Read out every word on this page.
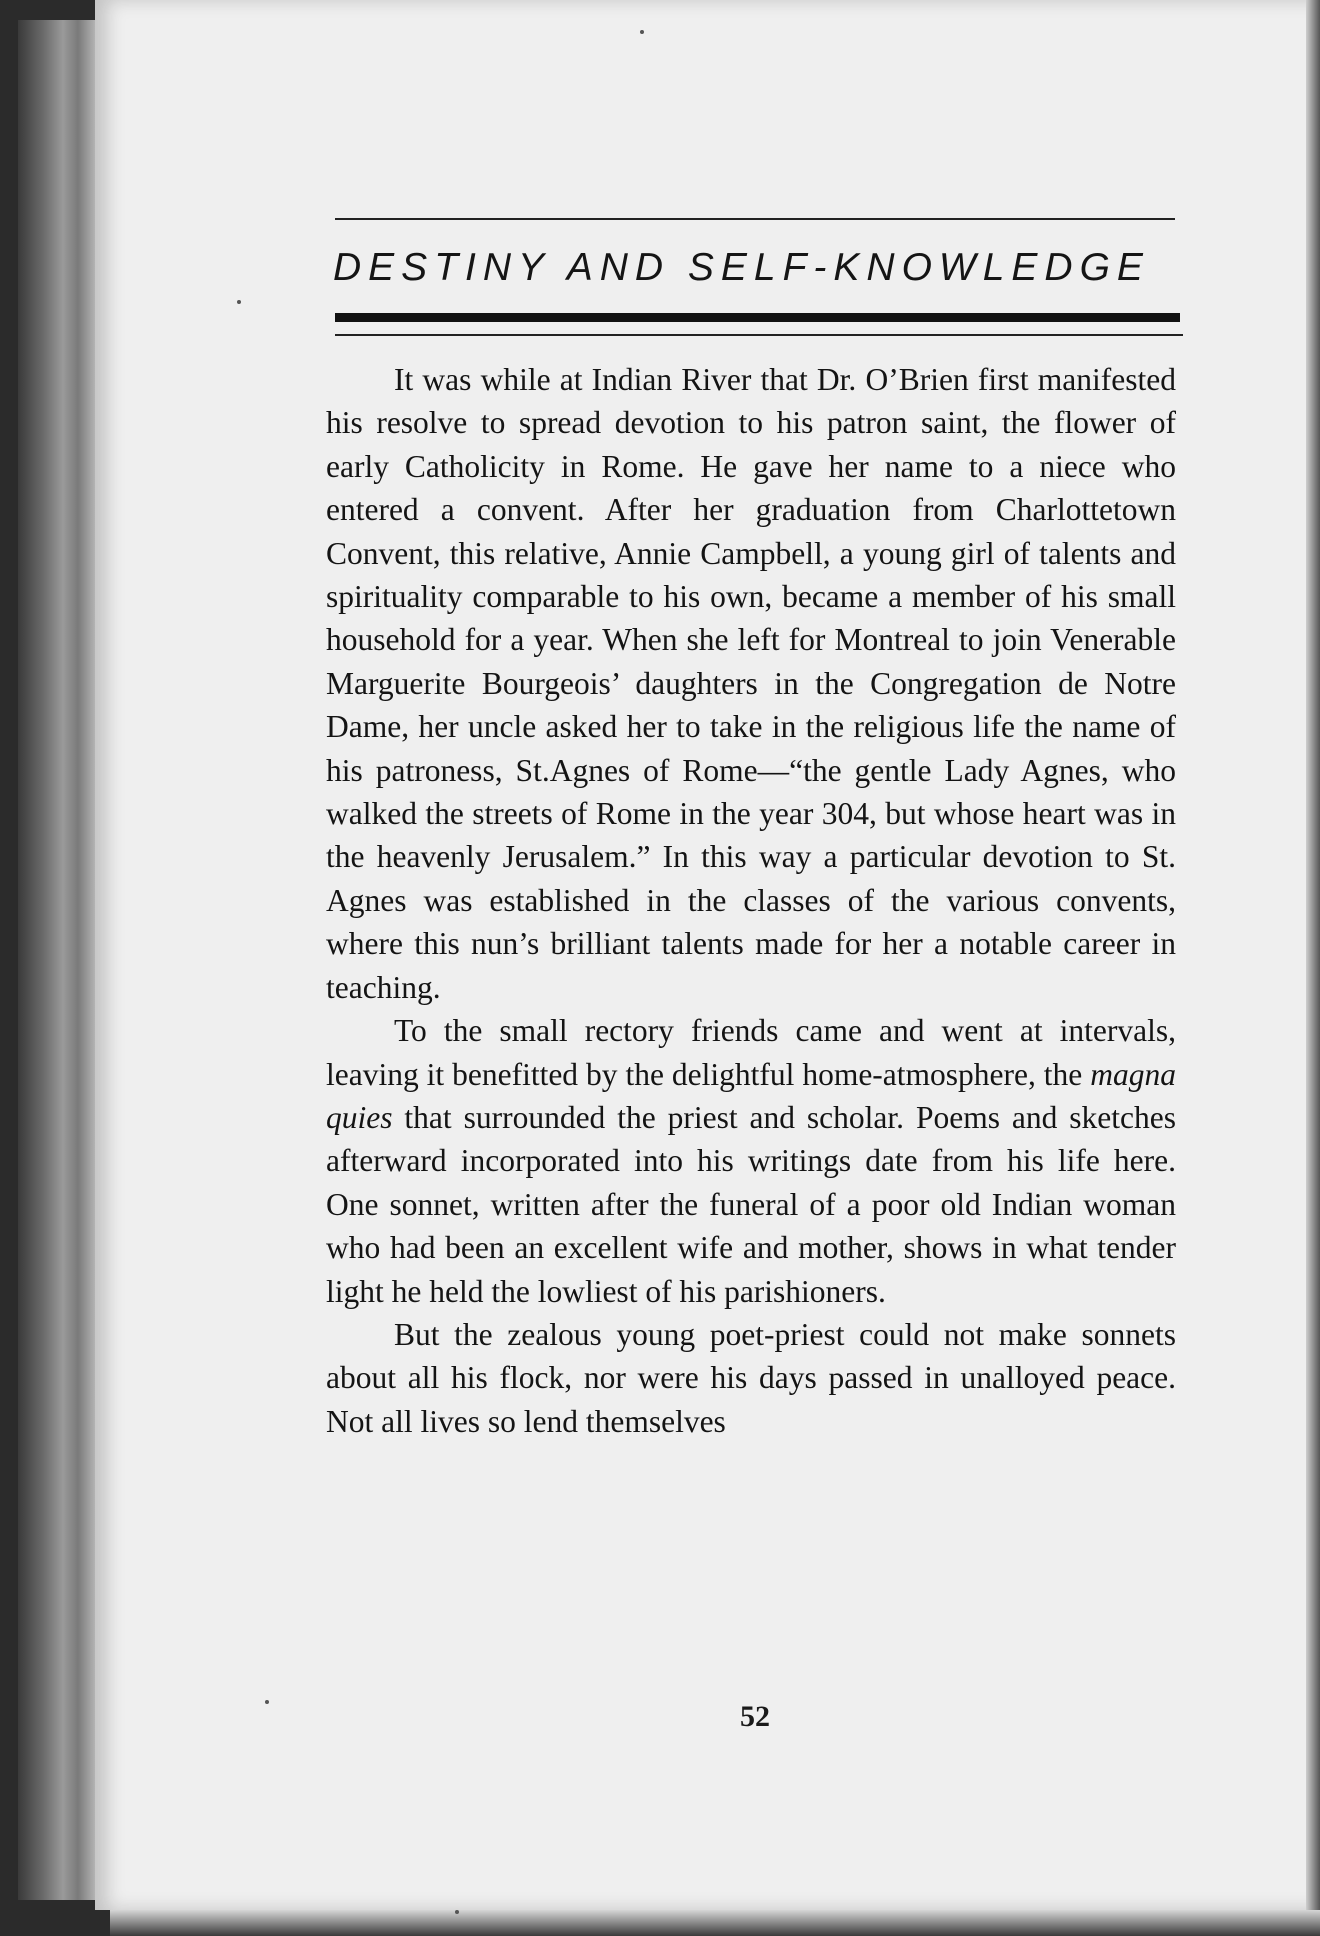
DESTINY AND SELF-KNOWLEDGE

It was while at Indian River that Dr. O’Brien first manifested his resolve to spread devotion to his patron saint, the flower of early Catholicity in Rome. He gave her name to a niece who entered a convent. After her graduation from Charlottetown Convent, this relative, Annie Campbell, a young girl of talents and spirituality comparable to his own, became a member of his small household for a year. When she left for Montreal to join Venerable Marguerite Bourgeois’ daughters in the Congregation de Notre Dame, her uncle asked her to take in the religious life the name of his patroness, St.Agnes of Rome—“the gentle Lady Agnes, who walked the streets of Rome in the year 304, but whose heart was in the heavenly Jerusalem.” In this way a particular devotion to St. Agnes was established in the classes of the various convents, where this nun’s brilliant talents made for her a notable career in teaching.

To the small rectory friends came and went at intervals, leaving it benefitted by the delightful home-atmosphere, the magna quies that surrounded the priest and scholar. Poems and sketches afterward incorporated into his writings date from his life here. One sonnet, written after the funeral of a poor old Indian woman who had been an excellent wife and mother, shows in what tender light he held the lowliest of his parishioners.

But the zealous young poet-priest could not make sonnets about all his flock, nor were his days passed in unalloyed peace. Not all lives so lend themselves

52
